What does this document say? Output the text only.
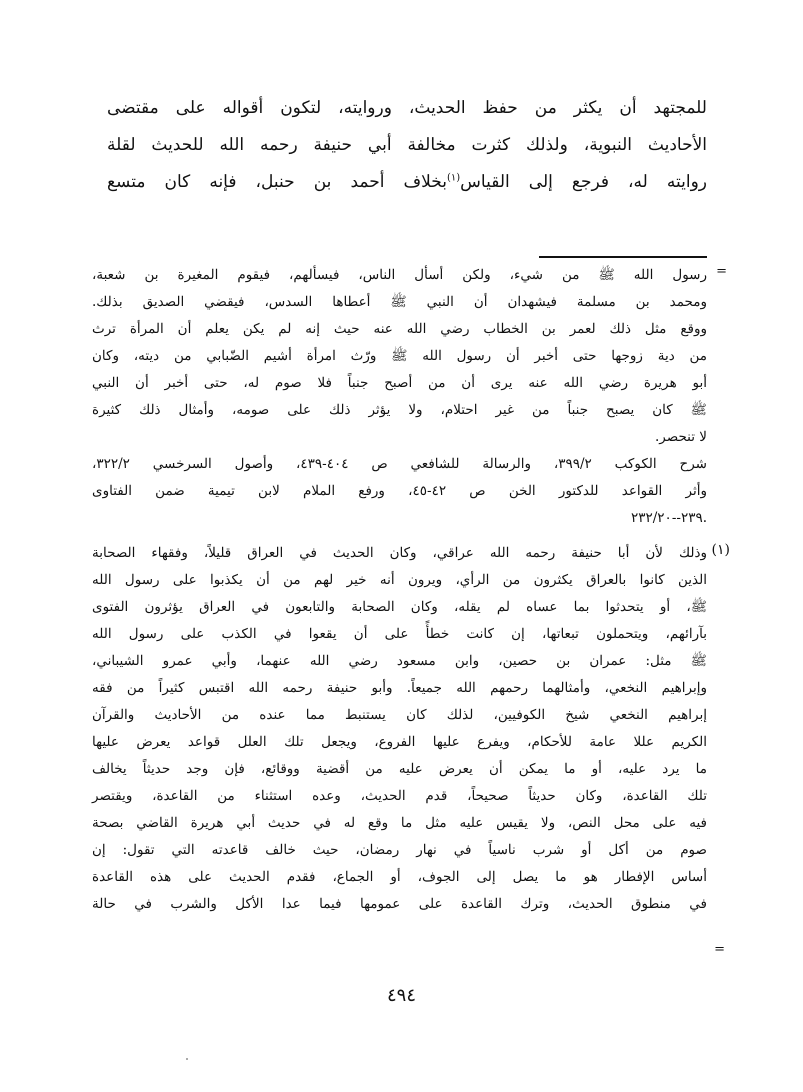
للمجتهد أن يكثر من حفظ الحديث، وروايته، لتكون أقواله على مقتضى
الأحاديث النبوية، ولذلك كثرت مخالفة أبي حنيفة رحمه الله للحديث لقلة
روايته له، فرجع إلى القياس$^{(١)}$بخلاف أحمد بن حنبل، فإنه كان متسع
=
رسول الله ﷺ من شيء، ولكن أسأل الناس، فيسألهم، فيقوم المغيرة بن شعبة،
ومحمد بن مسلمة فيشهدان أن النبي ﷺ أعطاها السدس، فيقضي الصديق بذلك.
ووقع مثل ذلك لعمر بن الخطاب رضي الله عنه حيث إنه لم يكن يعلم أن المرأة ترث
من دية زوجها حتى أخبر أن رسول الله ﷺ ورّث امرأة أشيم الضّبابي من ديته، وكان
أبو هريرة رضي الله عنه يرى أن من أصبح جنباً فلا صوم له، حتى أخبر أن النبي
ﷺ كان يصبح جنباً من غير احتلام، ولا يؤثر ذلك على صومه، وأمثال ذلك كثيرة
لا تنحصر.
شرح الكوكب ٣٩٩/٢، والرسالة للشافعي ص ٤٠٤-٤٣٩، وأصول السرخسي ٣٢٢/٢،
وأثر القواعد للدكتور الخن ص ٤٢-٤٥، ورفع الملام لابن تيمية ضمن الفتاوى
.٢٣٩--٢٣٢/٢٠
(١)
وذلك لأن أبا حنيفة رحمه الله عراقي، وكان الحديث في العراق قليلاً، وفقهاء الصحابة
الذين كانوا بالعراق يكثرون من الرأي، ويرون أنه خير لهم من أن يكذبوا على رسول الله
ﷺ، أو يتحدثوا بما عساه لم يقله، وكان الصحابة والتابعون في العراق يؤثرون الفتوى
بآرائهم، ويتحملون تبعاتها، إن كانت خطأً على أن يقعوا في الكذب على رسول الله
ﷺ مثل: عمران بن حصين، وابن مسعود رضي الله عنهما، وأبي عمرو الشيباني،
وإبراهيم النخعي، وأمثالهما رحمهم الله جميعاً. وأبو حنيفة رحمه الله اقتبس كثيراً من فقه
إبراهيم النخعي شيخ الكوفيين، لذلك كان يستنبط مما عنده من الأحاديث والقرآن
الكريم عللا عامة للأحكام، ويفرع عليها الفروع، ويجعل تلك العلل قواعد يعرض عليها
ما يرد عليه، أو ما يمكن أن يعرض عليه من أقضية ووقائع، فإن وجد حديثاً يخالف
تلك القاعدة، وكان حديثاً صحيحاً، قدم الحديث، وعده استثناء من القاعدة، ويقتصر
فيه على محل النص، ولا يقيس عليه مثل ما وقع له في حديث أبي هريرة القاضي بصحة
صوم من أكل أو شرب ناسياً في نهار رمضان، حيث خالف قاعدته التي تقول: إن
أساس الإفطار هو ما يصل إلى الجوف، أو الجماع، فقدم الحديث على هذه القاعدة
في منطوق الحديث، وترك القاعدة على عمومها فيما عدا الأكل والشرب في حالة
=
٤٩٤
